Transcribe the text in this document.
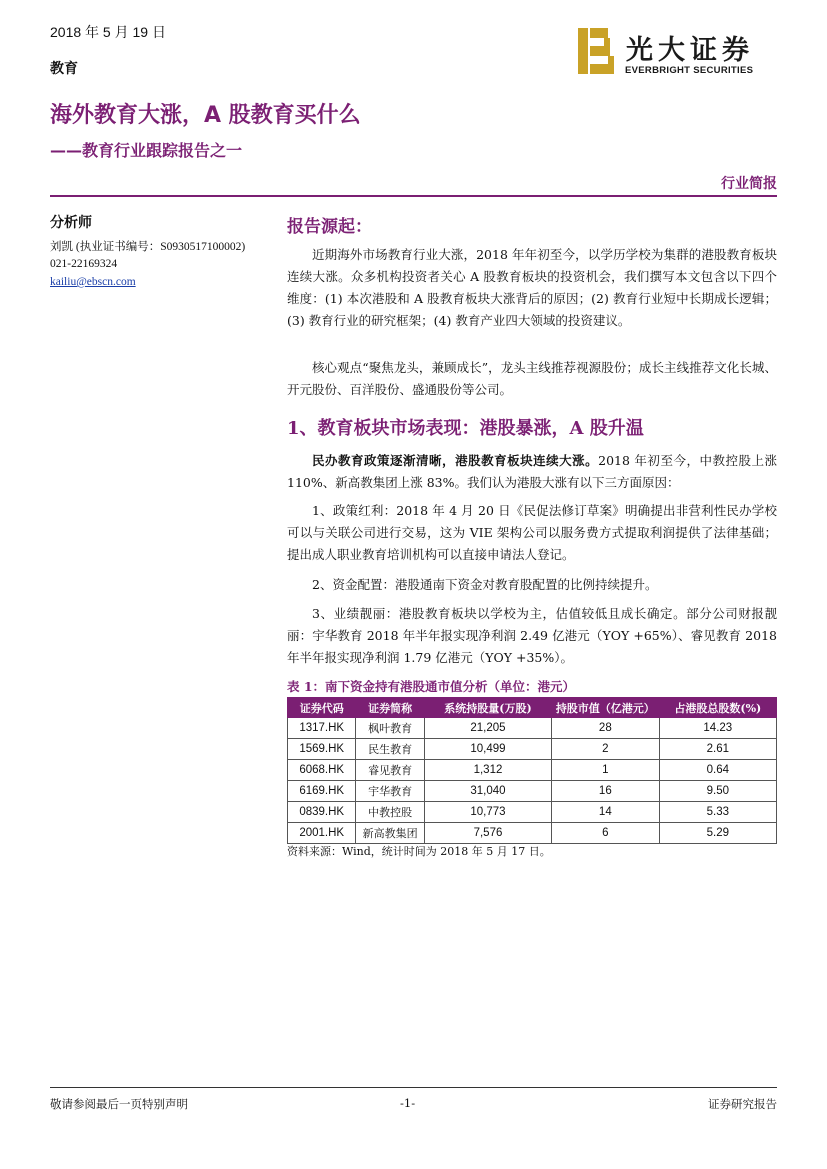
2018 年 5 月 19 日
教育
光大证券
EVERBRIGHT SECURITIES
海外教育大涨，A 股教育买什么
——教育行业跟踪报告之一
行业简报
分析师
刘凯 (执业证书编号：S0930517100002)
021-22169324
kailiu@ebscn.com
报告源起：
近期海外市场教育行业大涨，2018 年年初至今，以学历学校为集群的港股教育板块连续大涨。众多机构投资者关心 A 股教育板块的投资机会，我们撰写本文包含以下四个维度：(1) 本次港股和 A 股教育板块大涨背后的原因；(2) 教育行业短中长期成长逻辑；(3) 教育行业的研究框架；(4) 教育产业四大领域的投资建议。
核心观点“聚焦龙头，兼顾成长”，龙头主线推荐视源股份；成长主线推荐文化长城、开元股份、百洋股份、盛通股份等公司。
1、教育板块市场表现：港股暴涨，A 股升温
民办教育政策逐渐清晰，港股教育板块连续大涨。2018 年初至今，中教控股上涨 110%、新高教集团上涨 83%。我们认为港股大涨有以下三方面原因：
1、政策红利：2018 年 4 月 20 日《民促法修订草案》明确提出非营利性民办学校可以与关联公司进行交易，这为 VIE 架构公司以服务费方式提取利润提供了法律基础；提出成人职业教育培训机构可以直接申请法人登记。
2、资金配置：港股通南下资金对教育股配置的比例持续提升。
3、业绩靓丽：港股教育板块以学校为主，估值较低且成长确定。部分公司财报靓丽：宇华教育 2018 年半年报实现净利润 2.49 亿港元（YOY +65%）、睿见教育 2018 年半年报实现净利润 1.79 亿港元（YOY +35%）。
表 1：南下资金持有港股通市值分析（单位：港元）
证券代码	证券简称	系统持股量(万股)	持股市值（亿港元）	占港股总股数(%)
1317.HK	枫叶教育	21,205	28	14.23
1569.HK	民生教育	10,499	2	2.61
6068.HK	睿见教育	1,312	1	0.64
6169.HK	宇华教育	31,040	16	9.50
0839.HK	中教控股	10,773	14	5.33
2001.HK	新高教集团	7,576	6	5.29
资料来源：Wind，统计时间为 2018 年 5 月 17 日。
敬请参阅最后一页特别声明	-1-	证券研究报告
